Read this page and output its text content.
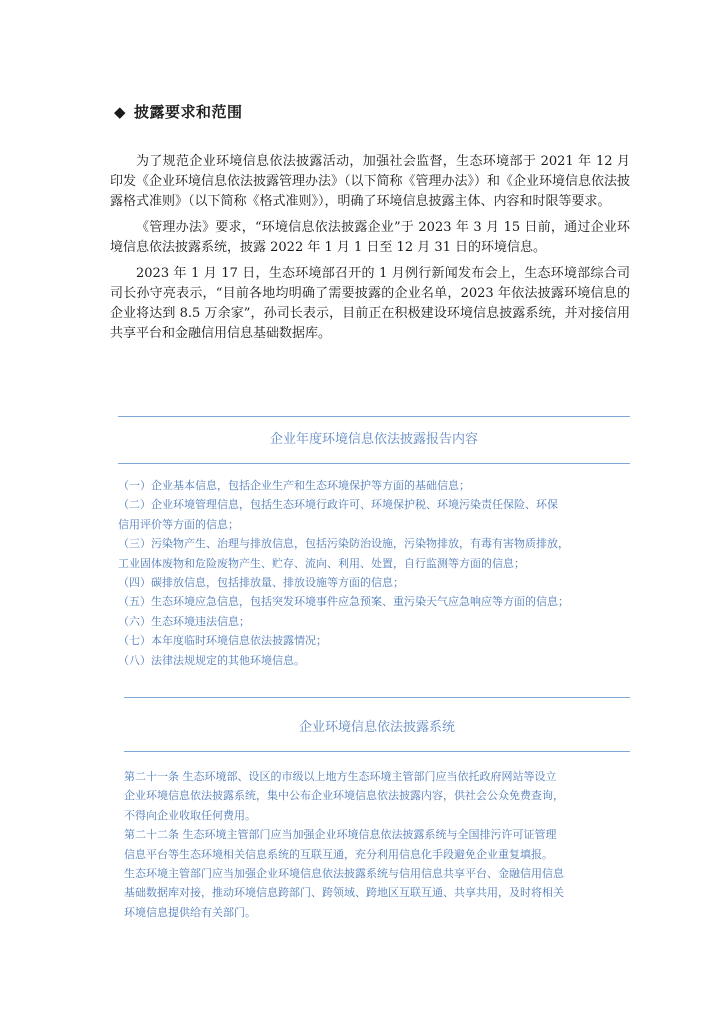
◆ 披露要求和范围

为了规范企业环境信息依法披露活动，加强社会监督，生态环境部于 2021 年 12 月印发《企业环境信息依法披露管理办法》（以下简称《管理办法》）和《企业环境信息依法披露格式准则》（以下简称《格式准则》），明确了环境信息披露主体、内容和时限等要求。

《管理办法》要求，“环境信息依法披露企业”于 2023 年 3 月 15 日前，通过企业环境信息依法披露系统，披露 2022 年 1 月 1 日至 12 月 31 日的环境信息。

2023 年 1 月 17 日，生态环境部召开的 1 月例行新闻发布会上，生态环境部综合司司长孙守亮表示，“目前各地均明确了需要披露的企业名单，2023 年依法披露环境信息的企业将达到 8.5 万余家”，孙司长表示，目前正在积极建设环境信息披露系统，并对接信用共享平台和金融信用信息基础数据库。

企业年度环境信息依法披露报告内容
（一）企业基本信息，包括企业生产和生态环境保护等方面的基础信息；
（二）企业环境管理信息，包括生态环境行政许可、环境保护税、环境污染责任保险、环保
信用评价等方面的信息；
（三）污染物产生、治理与排放信息，包括污染防治设施，污染物排放，有毒有害物质排放，
工业固体废物和危险废物产生、贮存、流向、利用、处置，自行监测等方面的信息；
（四）碳排放信息，包括排放量、排放设施等方面的信息；
（五）生态环境应急信息，包括突发环境事件应急预案、重污染天气应急响应等方面的信息；
（六）生态环境违法信息；
（七）本年度临时环境信息依法披露情况；
（八）法律法规规定的其他环境信息。
企业环境信息依法披露系统
第二十一条 生态环境部、设区的市级以上地方生态环境主管部门应当依托政府网站等设立
企业环境信息依法披露系统，集中公布企业环境信息依法披露内容，供社会公众免费查询，
不得向企业收取任何费用。
第二十二条 生态环境主管部门应当加强企业环境信息依法披露系统与全国排污许可证管理
信息平台等生态环境相关信息系统的互联互通，充分利用信息化手段避免企业重复填报。
生态环境主管部门应当加强企业环境信息依法披露系统与信用信息共享平台、金融信用信息
基础数据库对接，推动环境信息跨部门、跨领域、跨地区互联互通、共享共用，及时将相关
环境信息提供给有关部门。
